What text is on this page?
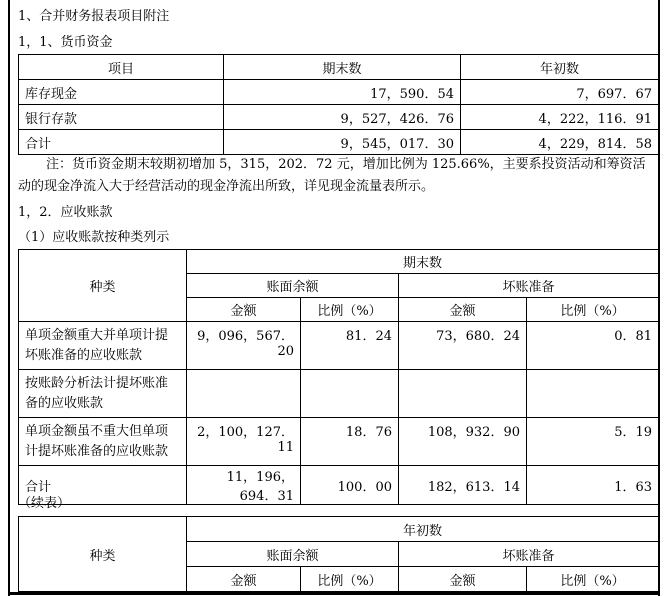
1、合并财务报表项目附注
1，1、货币资金
项目	期末数	年初数
库存现金	17，590．54	7，697．67
银行存款	9，527，426．76	4，222，116．91
合计	9，545，017．30	4，229，814．58
注：货币资金期末较期初增加 5，315，202．72 元，增加比例为 125.66%，主要系投资活动和筹资活动的现金净流入大于经营活动的现金净流出所致，详见现金流量表所示。
1，2．应收账款
（1）应收账款按种类列示
种类	期末数			
	账面余额		坏账准备	
	金额	比例（%）	金额	比例（%）
单项金额重大并单项计提坏账准备的应收账款	9，096，567．20	81．24	73，680．24	0．81
按账龄分析法计提坏账准备的应收账款				
单项金额虽不重大但单项计提坏账准备的应收账款	2，100，127．11	18．76	108，932．90	5．19
合计	11，196，694．31	100．00	182，613．14	1．63
（续表）
种类	年初数			
	账面余额		坏账准备	
	金额	比例（%）	金额	比例（%）
